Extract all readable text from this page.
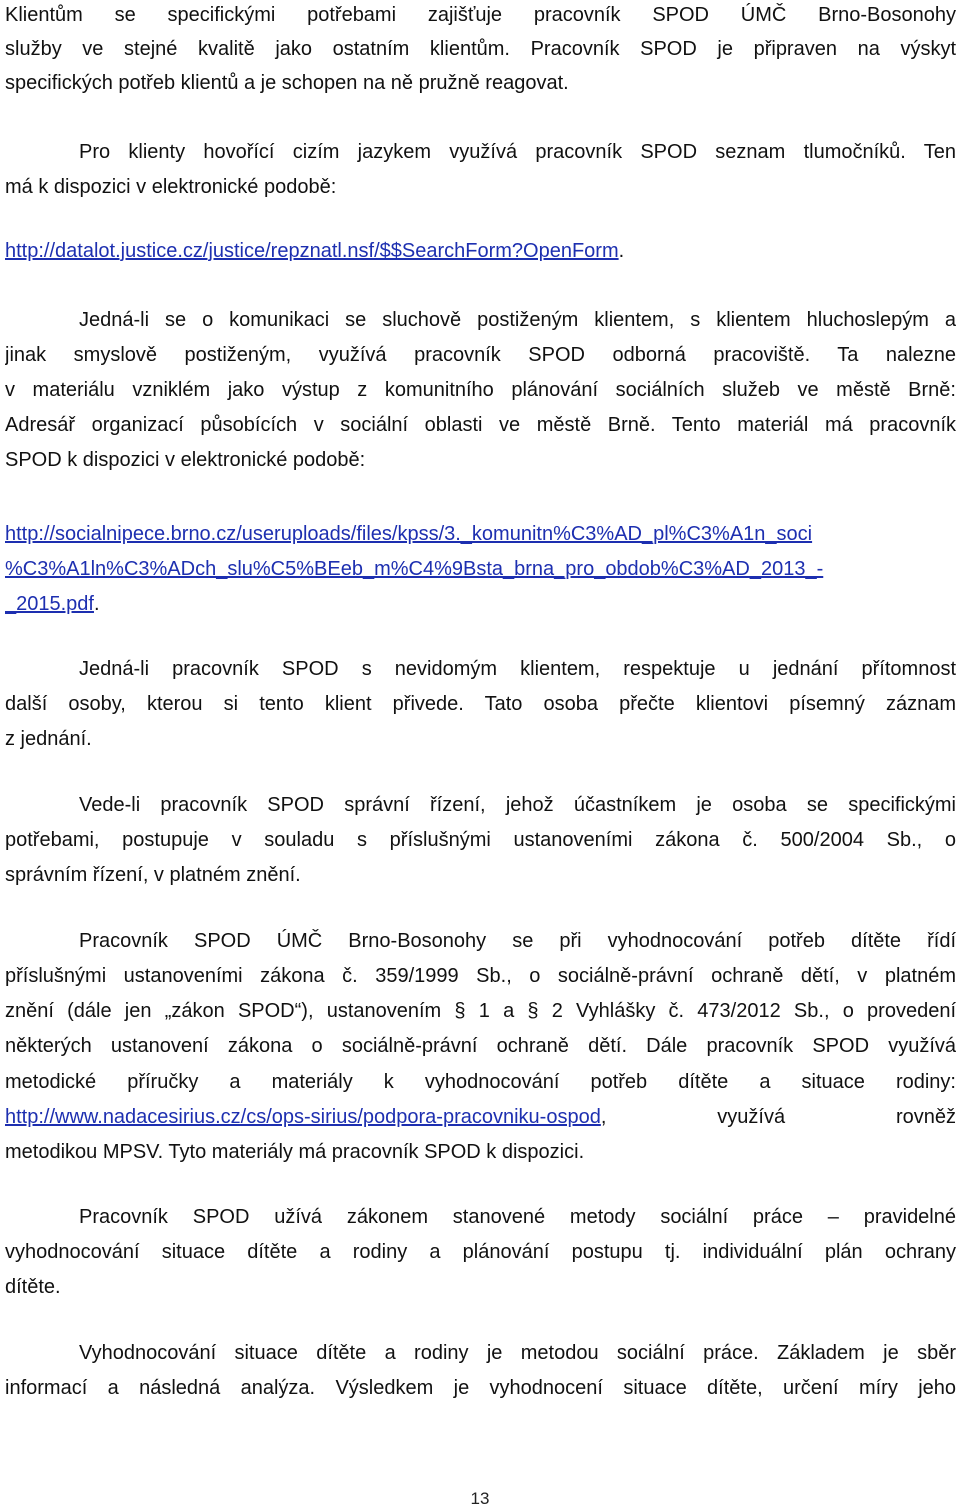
Klientům se specifickými potřebami zajišťuje pracovník SPOD ÚMČ Brno-Bosonohy
služby ve stejné kvalitě jako ostatním klientům. Pracovník SPOD je připraven na výskyt
specifických potřeb klientů a je schopen na ně pružně reagovat.
Pro klienty hovořící cizím jazykem využívá pracovník SPOD seznam tlumočníků. Ten
má k dispozici v elektronické podobě:
http://datalot.justice.cz/justice/repznatl.nsf/$$SearchForm?OpenForm.
Jedná-li se o komunikaci se sluchově postiženým klientem, s klientem hluchoslepým a
jinak smyslově postiženým, využívá pracovník SPOD odborná pracoviště. Ta nalezne
v materiálu vzniklém jako výstup z komunitního plánování sociálních služeb ve městě Brně:
Adresář organizací působících v sociální oblasti ve městě Brně. Tento materiál má pracovník
SPOD k dispozici v elektronické podobě:
http://socialnipece.brno.cz/useruploads/files/kpss/3._komunitn%C3%AD_pl%C3%A1n_soci
%C3%A1ln%C3%ADch_slu%C5%BEeb_m%C4%9Bsta_brna_pro_obdob%C3%AD_2013_-
_2015.pdf.
Jedná-li pracovník SPOD s nevidomým klientem, respektuje u jednání přítomnost
další osoby, kterou si tento klient přivede. Tato osoba přečte klientovi písemný záznam
z jednání.
Vede-li pracovník SPOD správní řízení, jehož účastníkem je osoba se specifickými
potřebami, postupuje v souladu s příslušnými ustanoveními zákona č. 500/2004 Sb., o
správním řízení, v platném znění.
Pracovník SPOD ÚMČ Brno-Bosonohy se při vyhodnocování potřeb dítěte řídí
příslušnými ustanoveními zákona č. 359/1999 Sb., o sociálně-právní ochraně dětí, v platném
znění (dále jen „zákon SPOD“), ustanovením § 1 a § 2 Vyhlášky č. 473/2012 Sb., o provedení
některých ustanovení zákona o sociálně-právní ochraně dětí. Dále pracovník SPOD využívá
metodické příručky a materiály k vyhodnocování potřeb dítěte a situace rodiny:
http://www.nadacesirius.cz/cs/ops-sirius/podpora-pracovniku-ospod, využívá rovněž
metodikou MPSV. Tyto materiály má pracovník SPOD k dispozici.
Pracovník SPOD užívá zákonem stanovené metody sociální práce – pravidelné
vyhodnocování situace dítěte a rodiny a plánování postupu tj. individuální plán ochrany
dítěte.
Vyhodnocování situace dítěte a rodiny je metodou sociální práce. Základem je sběr
informací a následná analýza. Výsledkem je vyhodnocení situace dítěte, určení míry jeho
13
